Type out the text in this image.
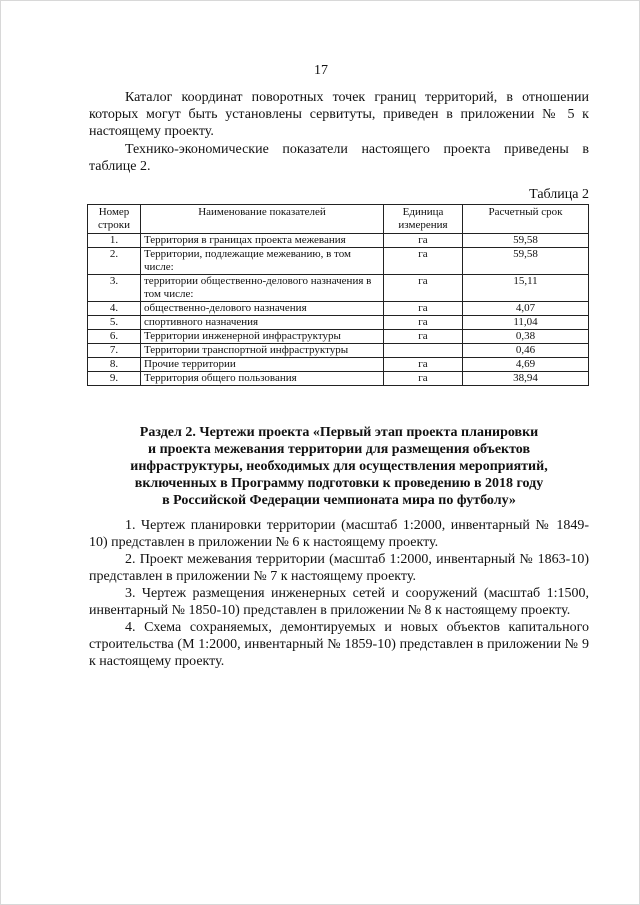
17

Каталог координат поворотных точек границ территорий, в отношении которых могут быть установлены сервитуты, приведен в приложении № 5 к настоящему проекту.

Технико-экономические показатели настоящего проекта приведены в таблице 2.

Таблица 2
Номер строки	Наименование показателей	Единица измерения	Расчетный срок
1.	Территория в границах проекта межевания	га	59,58
2.	Территории, подлежащие межеванию, в том числе:	га	59,58
3.	территории общественно-делового назначения в том числе:	га	15,11
4.	общественно-делового назначения	га	4,07
5.	спортивного назначения	га	11,04
6.	Территории инженерной инфраструктуры	га	0,38
7.	Территории транспортной инфраструктуры		0,46
8.	Прочие территории	га	4,69
9.	Территория общего пользования	га	38,94
Раздел 2. Чертежи проекта «Первый этап проекта планировки
и проекта межевания территории для размещения объектов
инфраструктуры, необходимых для осуществления мероприятий,
включенных в Программу подготовки к проведению в 2018 году
в Российской Федерации чемпионата мира по футболу»

1. Чертеж планировки территории (масштаб 1:2000, инвентарный № 1849-10) представлен в приложении № 6 к настоящему проекту.

2. Проект межевания территории (масштаб 1:2000, инвентарный № 1863-10) представлен в приложении № 7 к настоящему проекту.

3. Чертеж размещения инженерных сетей и сооружений (масштаб 1:1500, инвентарный № 1850-10) представлен в приложении № 8 к настоящему проекту.

4. Схема сохраняемых, демонтируемых и новых объектов капитального строительства (М 1:2000, инвентарный № 1859-10) представлен в приложении № 9 к настоящему проекту.
